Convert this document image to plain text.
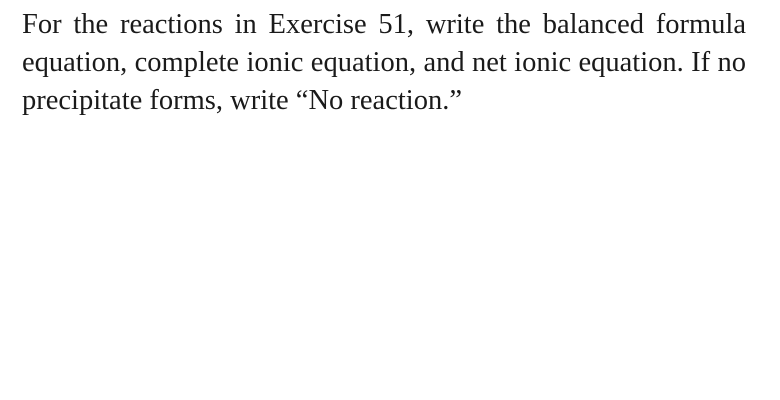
For the reactions in Exercise 51, write the balanced formula equation, complete ionic equation, and net ionic equation. If no precipitate forms, write “No reaction.”
